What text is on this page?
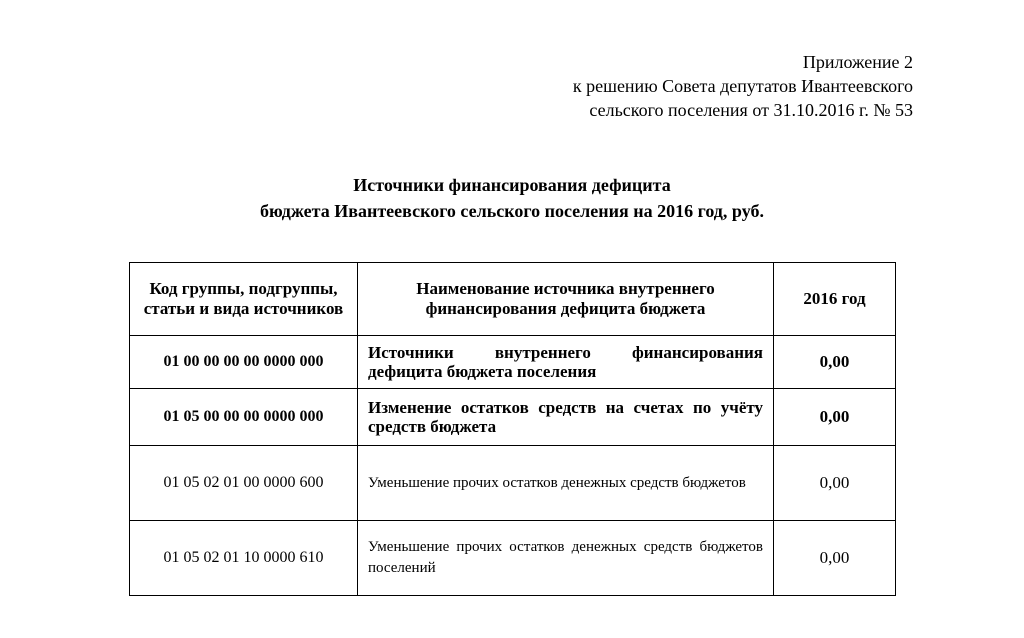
Приложение 2
к решению Совета депутатов Ивантеевского
сельского поселения от 31.10.2016 г. № 53
Источники финансирования дефицита
бюджета Ивантеевского сельского поселения на 2016 год, руб.
Код группы, подгруппы, статьи и вида источников	Наименование источника внутреннего финансирования дефицита бюджета	2016 год
01 00 00 00 00 0000 000	Источники внутреннего финансирования дефицита бюджета поселения	0,00
01 05 00 00 00 0000 000	Изменение остатков средств на счетах по учёту средств бюджета	0,00
01 05 02 01 00 0000 600	Уменьшение прочих остатков денежных средств бюджетов	0,00
01 05 02 01 10 0000 610	Уменьшение прочих остатков денежных средств бюджетов поселений	0,00
